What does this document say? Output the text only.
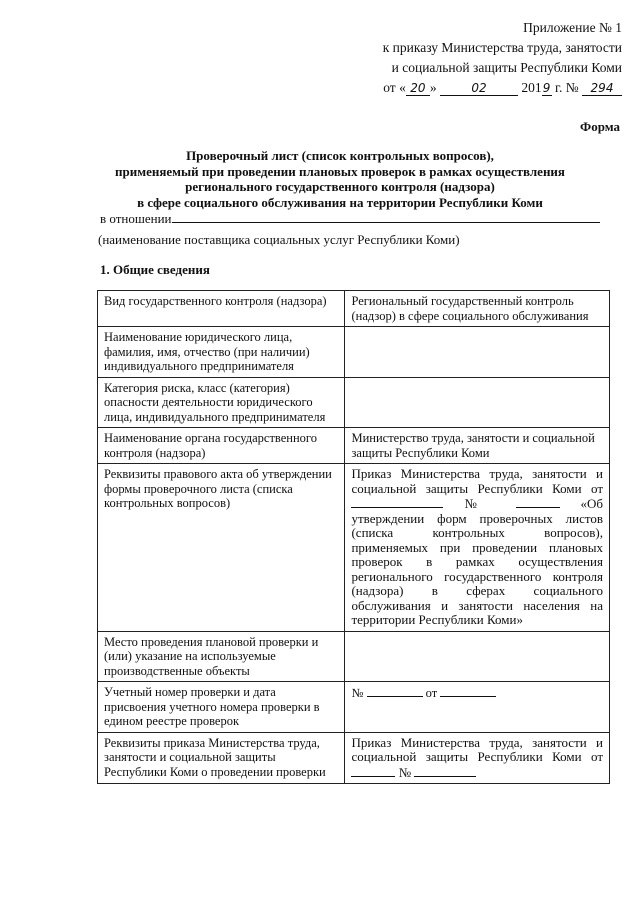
Приложение № 1
к приказу Министерства труда, занятости
и социальной защиты Республики Коми
от « 20 »	02	2019 г. № 294
Форма
Проверочный лист (список контрольных вопросов),
применяемый при проведении плановых проверок в рамках осуществления
регионального государственного контроля (надзора)
в сфере социального обслуживания на территории Республики Коми
в отношении
(наименование поставщика социальных услуг Республики Коми)
1. Общие сведения
Вид государственного контроля (надзора)	Региональный государственный контроль (надзор) в сфере социального обслуживания
Наименование юридического лица, фамилия, имя, отчество (при наличии) индивидуального предпринимателя	
Категория риска, класс (категория) опасности деятельности юридического лица, индивидуального предпринимателя	
Наименование органа государственного контроля (надзора)	Министерство труда, занятости и социальной защиты Республики Коми
Реквизиты правового акта об утверждении формы проверочного листа (списка контрольных вопросов)	Приказ Министерства труда, занятости и социальной защиты Республики Коми от  № «Об утверждении форм проверочных листов (списка контрольных вопросов), применяемых при проведении плановых проверок в рамках осуществления регионального государственного контроля (надзора) в сферах социального обслуживания и занятости населения на территории Республики Коми»
Место проведения плановой проверки и (или) указание на используемые производственные объекты	
Учетный номер проверки и дата присвоения учетного номера проверки в едином реестре проверок	№ от
Реквизиты приказа Министерства труда, занятости и социальной защиты Республики Коми о проведении проверки	Приказ Министерства труда, занятости и социальной защиты Республики Коми от  №
